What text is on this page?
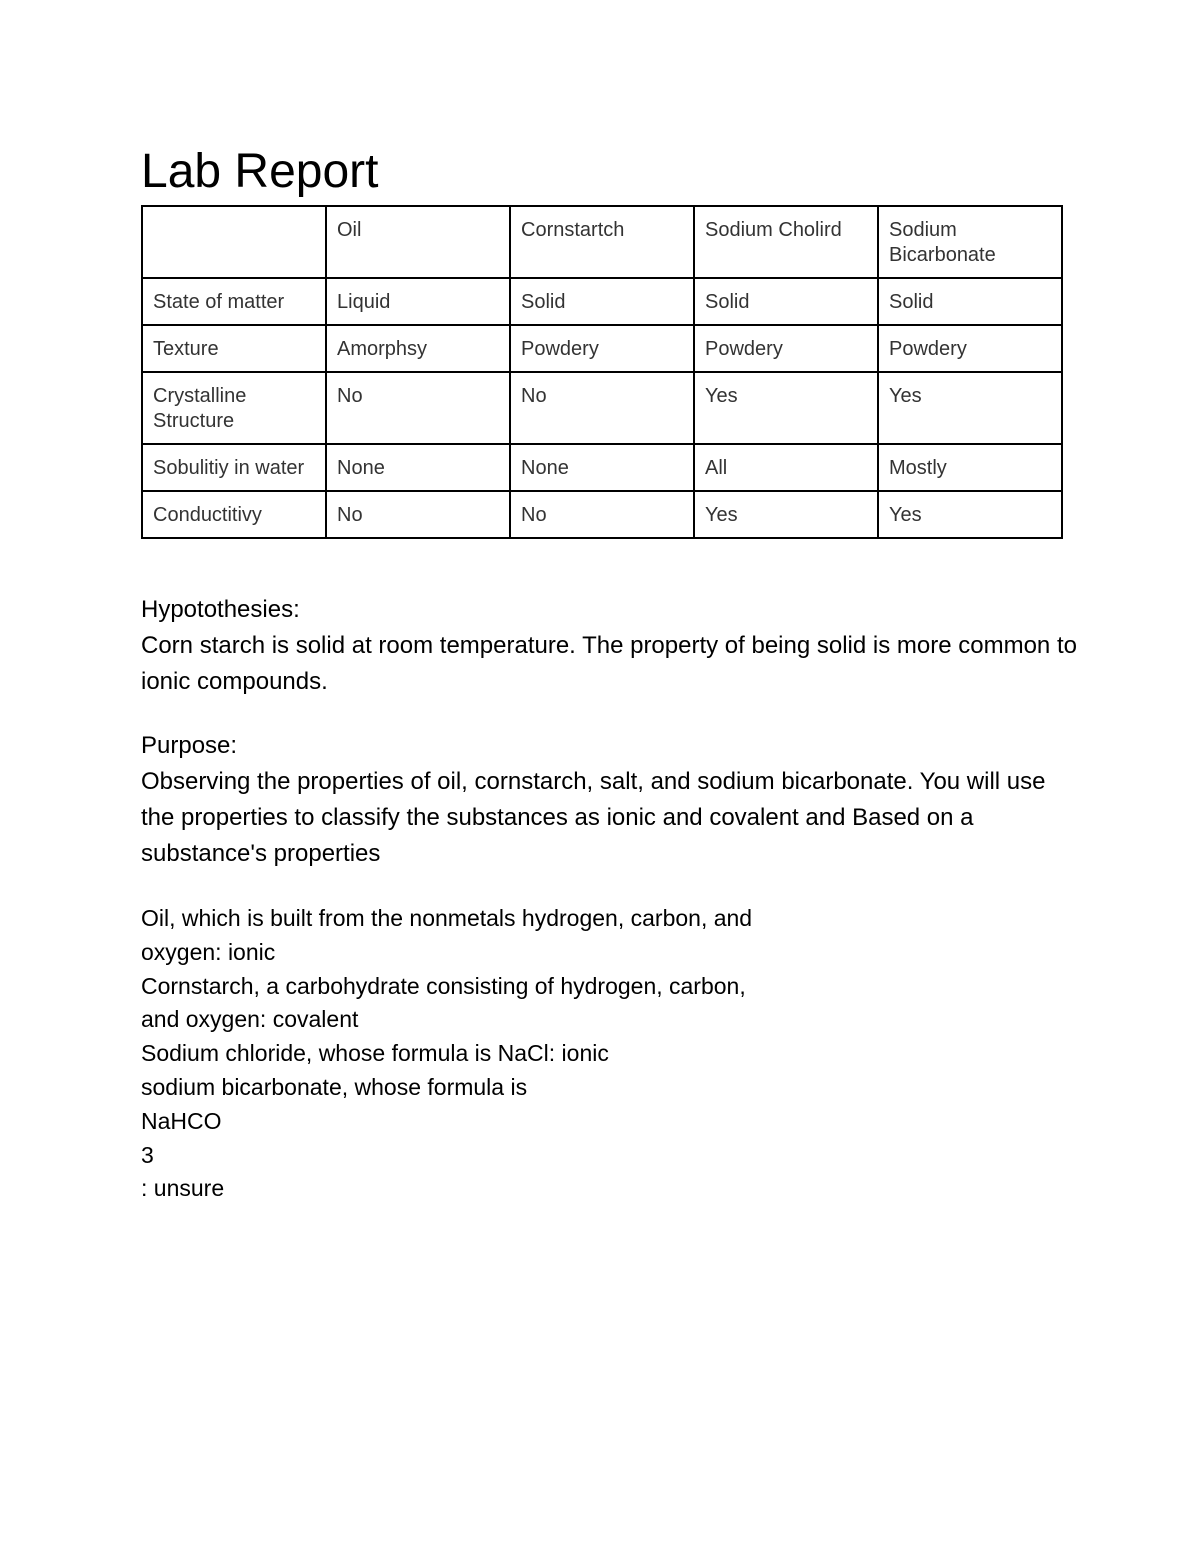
Lab Report
	Oil	Cornstartch	Sodium Cholird	Sodium Bicarbonate
State of matter	Liquid	Solid	Solid	Solid
Texture	Amorphsy	Powdery	Powdery	Powdery
Crystalline Structure	No	No	Yes	Yes
Sobulitiy in water	None	None	All	Mostly
Conductitivy	No	No	Yes	Yes

Hypotothesies:

Corn starch is solid at room temperature. The property of being solid is more common to ionic compounds.

Purpose:

Observing the properties of oil, cornstarch, salt, and sodium bicarbonate. You will use the properties to classify the substances as ionic and covalent and Based on a substance's properties

Oil, which is built from the nonmetals hydrogen, carbon, and
oxygen: ionic
Cornstarch, a carbohydrate consisting of hydrogen, carbon,
and oxygen: covalent
Sodium chloride, whose formula is NaCl: ionic
sodium bicarbonate, whose formula is
NaHCO
3
: unsure
